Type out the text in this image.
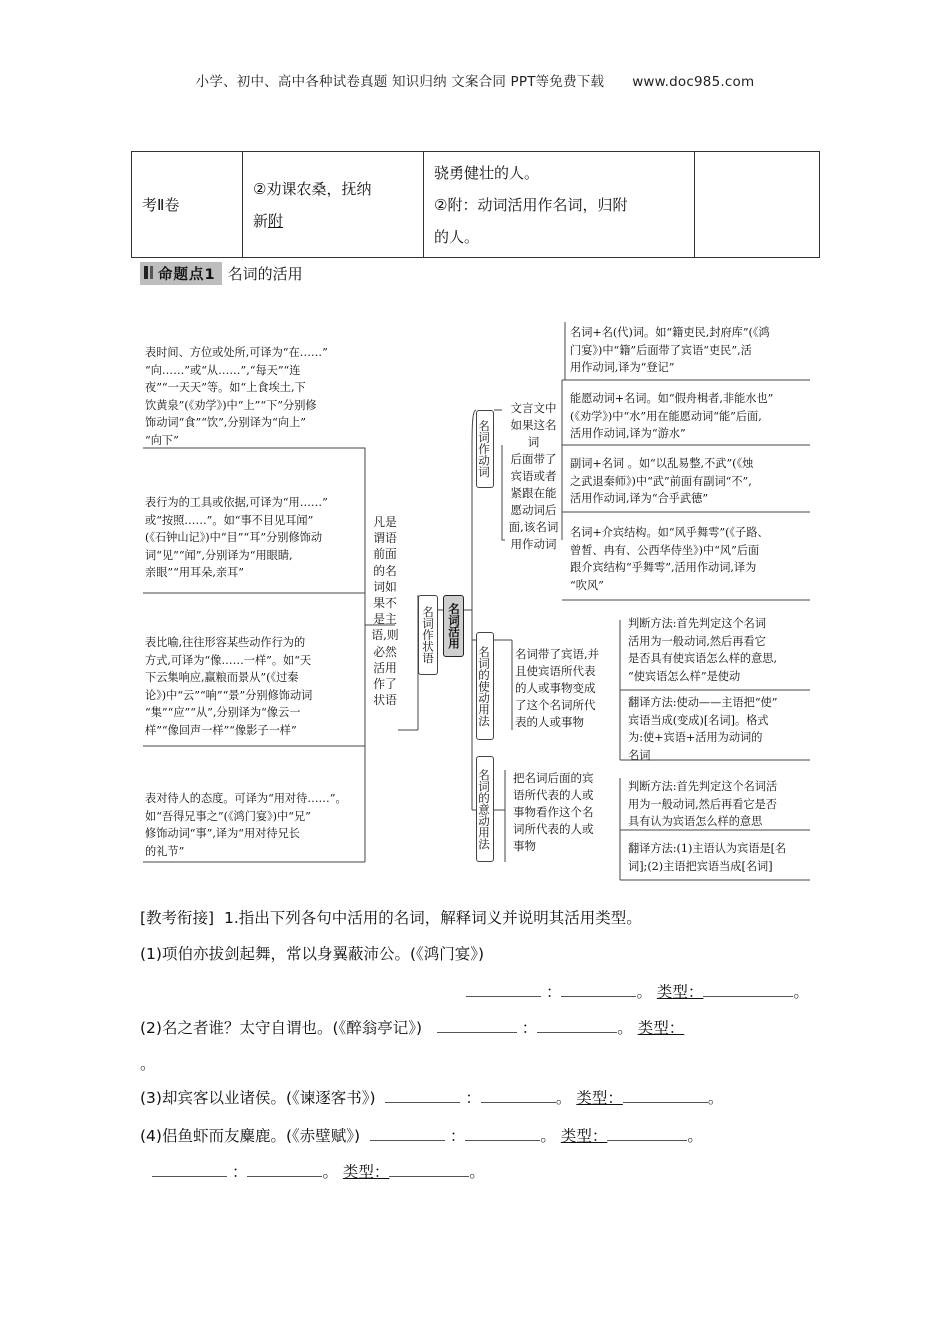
小学、初中、高中各种试卷真题 知识归纳 文案合同 PPT等免费下载 www.doc985.com
考Ⅱ卷	
②劝课农桑，抚纳
新附

骁勇健壮的人。
②附：动词活用作名词，归附
的人。

命题点1 名词的活用
表时间、方位或处所,可译为“在……”
“向……”或“从……”,“每天”“连
夜”“一天天”等。如“上食埃土,下
饮黄泉”(《劝学》)中“上”“下”分别修
饰动词“食”“饮”,分别译为“向上”
“向下”
表行为的工具或依据,可译为“用……”
或“按照……”。如“事不目见耳闻”
(《石钟山记》)中“目”“耳”分别修饰动
词“见”“闻”,分别译为“用眼睛,
亲眼”“用耳朵,亲耳”
表比喻,往往形容某些动作行为的
方式,可译为“像……一样”。如“天
下云集响应,赢粮而景从”(《过秦
论》)中“云”“响”“景”分别修饰动词
“集”“应”“从”,分别译为“像云一
样”“像回声一样”“像影子一样”
表对待人的态度。可译为“用对待……”。
如“吾得兄事之”(《鸿门宴》)中“兄”
修饰动词“事”,译为“用对待兄长
的礼节”
凡是谓语前面的名词如果不是主语,则必然活用作了状语
名词作状语	名词活用
名词作动词
文言文中
如果这名词
后面带了
宾语或者
紧跟在能
愿动词后
面,该名词
用作动词
名词+名(代)词。如“籍吏民,封府库”(《鸿
门宴》)中“籍”后面带了宾语“吏民”,活
用作动词,译为“登记”
能愿动词+名词。如“假舟楫者,非能水也”
(《劝学》)中“水”用在能愿动词“能”后面,
活用作动词,译为“游水”
副词+名词 。如“以乱易整,不武”(《烛
之武退秦师》)中“武”前面有副词“不”,
活用作动词,译为“合乎武德”
名词+介宾结构。如“风乎舞雩”(《子路、
曾皙、冉有、公西华侍坐》)中“风”后面
跟介宾结构“乎舞雩”,活用作动词,译为
“吹风”
名词的使动用法 名词带了宾语,并
且使宾语所代表
的人或事物变成
了这个名词所代
表的人或事物
判断方法:首先判定这个名词
活用为一般动词,然后再看它
是否具有使宾语怎么样的意思,
“使宾语怎么样”是使动
翻译方法:使动——主语把“使”
宾语当成(变成)[名词]。格式
为:使+宾语+活用为动词的
名词
名词的意动用法 把名词后面的宾
语所代表的人或
事物看作这个名
词所代表的人或
事物
判断方法:首先判定这个名词活
用为一般动词,然后再看它是否
具有认为宾语怎么样的意思
翻译方法:(1)主语认为宾语是[名
词];(2)主语把宾语当成[名词]
[教考衔接] 1.指出下列各句中活用的名词，解释词义并说明其活用类型。
(1)项伯亦拔剑起舞，常以身翼蔽沛公。(《鸿门宴》)
：	。 类型：	。
(2)名之者谁？太守自谓也。(《醉翁亭记》)	：	。 类型：
。
(3)却宾客以业诸侯。(《谏逐客书》)	：	。 类型：	。
(4)侣鱼虾而友麋鹿。(《赤壁赋》)	：	。 类型：	。
：	。 类型：	。
